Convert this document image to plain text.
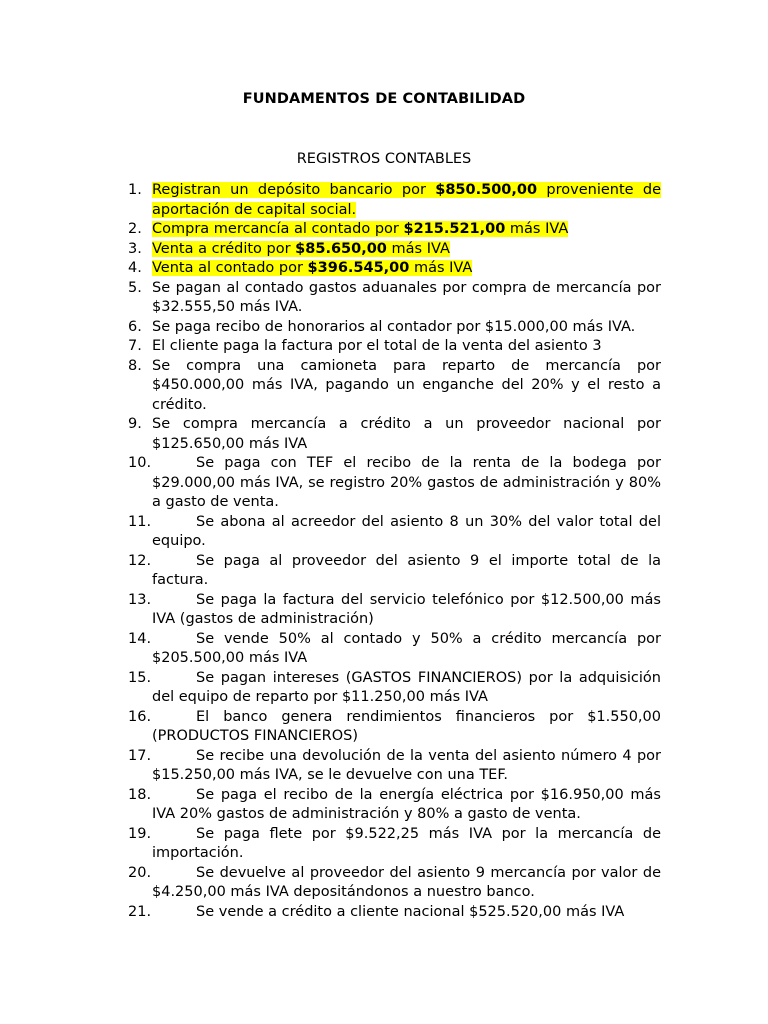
FUNDAMENTOS DE CONTABILIDAD
REGISTROS CONTABLES
1. Registran un depósito bancario por $850.500,00 proveniente de aportación de capital social.
2. Compra mercancía al contado por $215.521,00 más IVA
3. Venta a crédito por $85.650,00 más IVA
4. Venta al contado por $396.545,00 más IVA
5. Se pagan al contado gastos aduanales por compra de mercancía por $32.555,50 más IVA.
6. Se paga recibo de honorarios al contador por $15.000,00 más IVA.
7. El cliente paga la factura por el total de la venta del asiento 3
8. Se compra una camioneta para reparto de mercancía por $450.000,00 más IVA, pagando un enganche del 20% y el resto a crédito.
9. Se compra mercancía a crédito a un proveedor nacional por $125.650,00 más IVA
10.	Se paga con TEF el recibo de la renta de la bodega por $29.000,00 más IVA, se registro 20% gastos de administración y 80% a gasto de venta.
11.	Se abona al acreedor del asiento 8 un 30% del valor total del equipo.
12.	Se paga al proveedor del asiento 9 el importe total de la factura.
13.	Se paga la factura del servicio telefónico por $12.500,00 más IVA (gastos de administración)
14.	Se vende 50% al contado y 50% a crédito mercancía por $205.500,00 más IVA
15.	Se pagan intereses (GASTOS FINANCIEROS) por la adquisición del equipo de reparto por $11.250,00 más IVA
16.	El banco genera rendimientos financieros por $1.550,00 (PRODUCTOS FINANCIEROS)
17.	Se recibe una devolución de la venta del asiento número 4 por $15.250,00 más IVA, se le devuelve con una TEF.
18.	Se paga el recibo de la energía eléctrica por $16.950,00 más IVA 20% gastos de administración y 80% a gasto de venta.
19.	Se paga flete por $9.522,25 más IVA por la mercancía de importación.
20.	Se devuelve al proveedor del asiento 9 mercancía por valor de $4.250,00 más IVA depositándonos a nuestro banco.
21.	Se vende a crédito a cliente nacional $525.520,00 más IVA
